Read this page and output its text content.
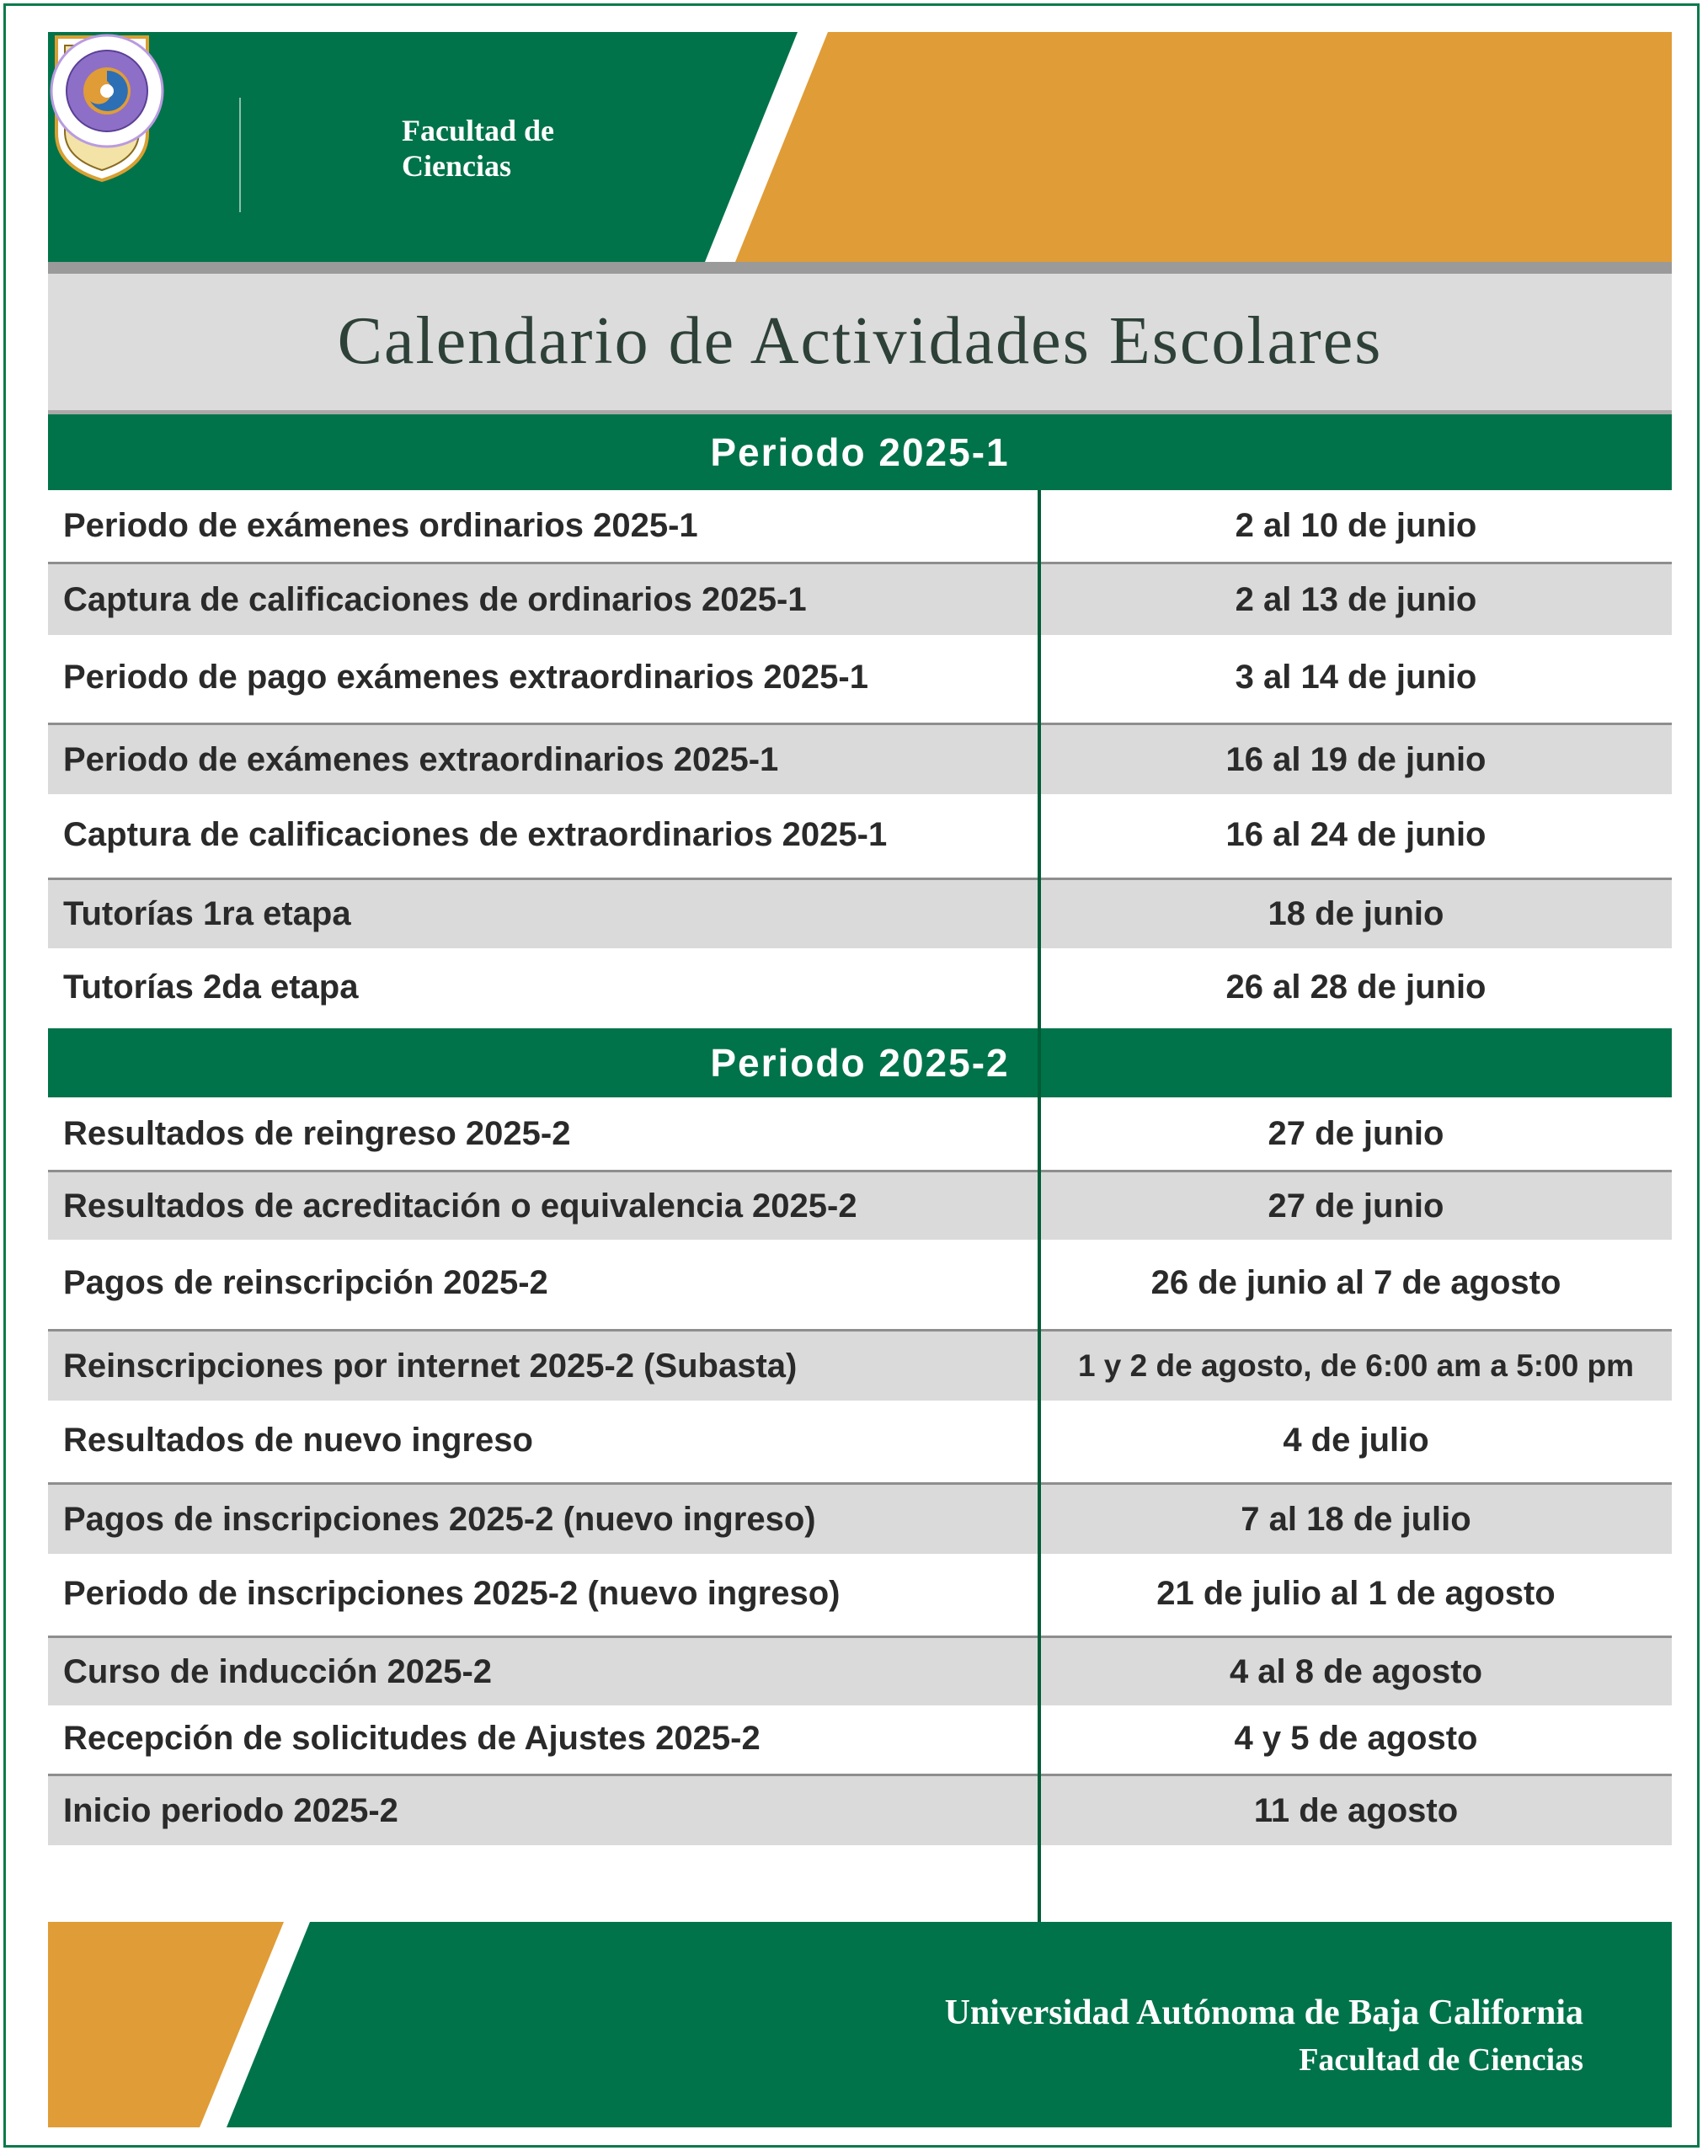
Facultad de
Ciencias
Calendario de Actividades Escolares
Periodo 2025-1
Periodo de exámenes ordinarios 2025-1	2 al 10 de junio
Captura de calificaciones de ordinarios 2025-1	2 al 13 de junio
Periodo de pago exámenes extraordinarios 2025-1	3 al 14 de junio
Periodo de exámenes extraordinarios 2025-1	16 al 19 de junio
Captura de calificaciones de extraordinarios 2025-1	16 al 24 de junio
Tutorías 1ra etapa	18 de junio
Tutorías 2da etapa	26 al 28 de junio
Periodo 2025-2
Resultados de reingreso 2025-2	27 de junio
Resultados de acreditación o equivalencia 2025-2	27 de junio
Pagos de reinscripción 2025-2	26 de junio al 7 de agosto
Reinscripciones por internet 2025-2 (Subasta)	1 y 2 de agosto, de 6:00 am a 5:00 pm
Resultados de nuevo ingreso	4 de julio
Pagos de inscripciones 2025-2 (nuevo ingreso)	7 al 18 de julio
Periodo de inscripciones 2025-2 (nuevo ingreso)	21 de julio al 1 de agosto
Curso de inducción 2025-2	4 al 8 de agosto
Recepción de solicitudes de Ajustes 2025-2	4 y 5 de agosto
Inicio periodo 2025-2	11 de agosto
Universidad Autónoma de Baja California
Facultad de Ciencias
